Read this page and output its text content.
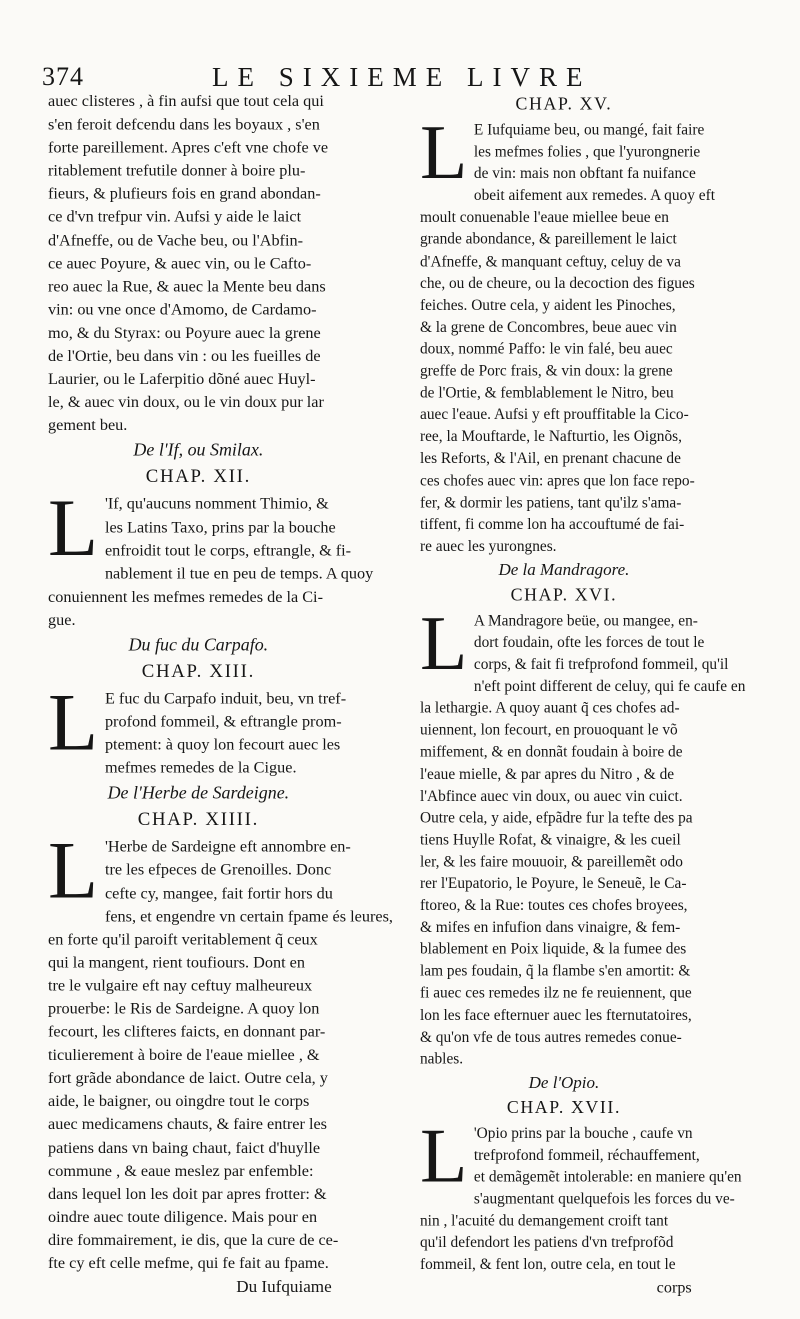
374	LE SIXIEME LIVRE
auec clisteres , à fin aufsi que tout cela qui
s'en feroit defcendu dans les boyaux , s'en
forte pareillement. Apres c'eft vne chofe ve
ritablement trefutile donner à boire plu-
fieurs, & plufieurs fois en grand abondan-
ce d'vn trefpur vin. Aufsi y aide le laict
d'Afneffe, ou de Vache beu, ou l'Abfin-
ce auec Poyure, & auec vin, ou le Cafto-
reo auec la Rue, & auec la Mente beu dans
vin: ou vne once d'Amomo, de Cardamo-
mo, & du Styrax: ou Poyure auec la grene
de l'Ortie, beu dans vin : ou les fueilles de
Laurier, ou le Laferpitio dõné auec Huyl-
le, & auec vin doux, ou le vin doux pur lar
gement beu.
De l'If, ou Smilax.
CHAP. XII.
L 'If, qu'aucuns nomment Thimio, &
les Latins Taxo, prins par la bouche
enfroidit tout le corps, eftrangle, & fi-
nablement il tue en peu de temps. A quoy
conuiennent les mefmes remedes de la Ci-
gue.
Du fuc du Carpafo.
CHAP. XIII.
L E fuc du Carpafo induit, beu, vn tref-
profond fommeil, & eftrangle prom-
ptement: à quoy lon fecourt auec les
mefmes remedes de la Cigue.
De l'Herbe de Sardeigne.
CHAP. XIIII.
L 'Herbe de Sardeigne eft annombre en-
tre les efpeces de Grenoilles. Donc
cefte cy, mangee, fait fortir hors du
fens, et engendre vn certain fpame és leures,
en forte qu'il paroift veritablement q̃ ceux
qui la mangent, rient toufiours. Dont en
tre le vulgaire eft nay ceftuy malheureux
prouerbe: le Ris de Sardeigne. A quoy lon
fecourt, les clifteres faicts, en donnant par-
ticulierement à boire de l'eaue miellee , &
fort grãde abondance de laict. Outre cela, y
aide, le baigner, ou oingdre tout le corps
auec medicamens chauts, & faire entrer les
patiens dans vn baing chaut, faict d'huylle
commune , & eaue meslez par enfemble:
dans lequel lon les doit par apres frotter: &
oindre auec toute diligence. Mais pour en
dire fommairement, ie dis, que la cure de ce-
fte cy eft celle mefme, qui fe fait au fpame.
Du Iufquiame
CHAP. XV.
L E Iufquiame beu, ou mangé, fait faire
les mefmes folies , que l'yurongnerie
de vin: mais non obftant fa nuifance
obeit aifement aux remedes. A quoy eft
moult conuenable l'eaue miellee beue en
grande abondance, & pareillement le laict
d'Afneffe, & manquant ceftuy, celuy de va
che, ou de cheure, ou la decoction des figues
feiches. Outre cela, y aident les Pinoches,
& la grene de Concombres, beue auec vin
doux, nommé Paffo: le vin falé, beu auec
greffe de Porc frais, & vin doux: la grene
de l'Ortie, & femblablement le Nitro, beu
auec l'eaue. Aufsi y eft prouffitable la Cico-
ree, la Mouftarde, le Nafturtio, les Oignõs,
les Reforts, & l'Ail, en prenant chacune de
ces chofes auec vin: apres que lon face repo-
fer, & dormir les patiens, tant qu'ilz s'ama-
tiffent, fi comme lon ha accouftumé de fai-
re auec les yurongnes.
De la Mandragore.
CHAP. XVI.
L A Mandragore beüe, ou mangee, en-
dort foudain, ofte les forces de tout le
corps, & fait fi trefprofond fommeil, qu'il
n'eft point different de celuy, qui fe caufe en
la lethargie. A quoy auant q̃ ces chofes ad-
uiennent, lon fecourt, en prouoquant le võ
miffement, & en donnãt foudain à boire de
l'eaue mielle, & par apres du Nitro , & de
l'Abfince auec vin doux, ou auec vin cuict.
Outre cela, y aide, efpãdre fur la tefte des pa
tiens Huylle Rofat, & vinaigre, & les cueil
ler, & les faire mouuoir, & pareillemẽt odo
rer l'Eupatorio, le Poyure, le Seneuẽ, le Ca-
ftoreo, & la Rue: toutes ces chofes broyees,
& mifes en infufion dans vinaigre, & fem-
blablement en Poix liquide, & la fumee des
lam pes foudain, q̃ la flambe s'en amortit: &
fi auec ces remedes ilz ne fe reuiennent, que
lon les face efternuer auec les fternutatoires,
& qu'on vfe de tous autres remedes conue-
nables.
De l'Opio.
CHAP. XVII.
L 'Opio prins par la bouche , caufe vn
trefprofond fommeil, réchauffement,
et demãgemẽt intolerable: en maniere qu'en
s'augmentant quelquefois les forces du ve-
nin , l'acuité du demangement croift tant
qu'il defendort les patiens d'vn trefprofõd
fommeil, & fent lon, outre cela, en tout le
corps
